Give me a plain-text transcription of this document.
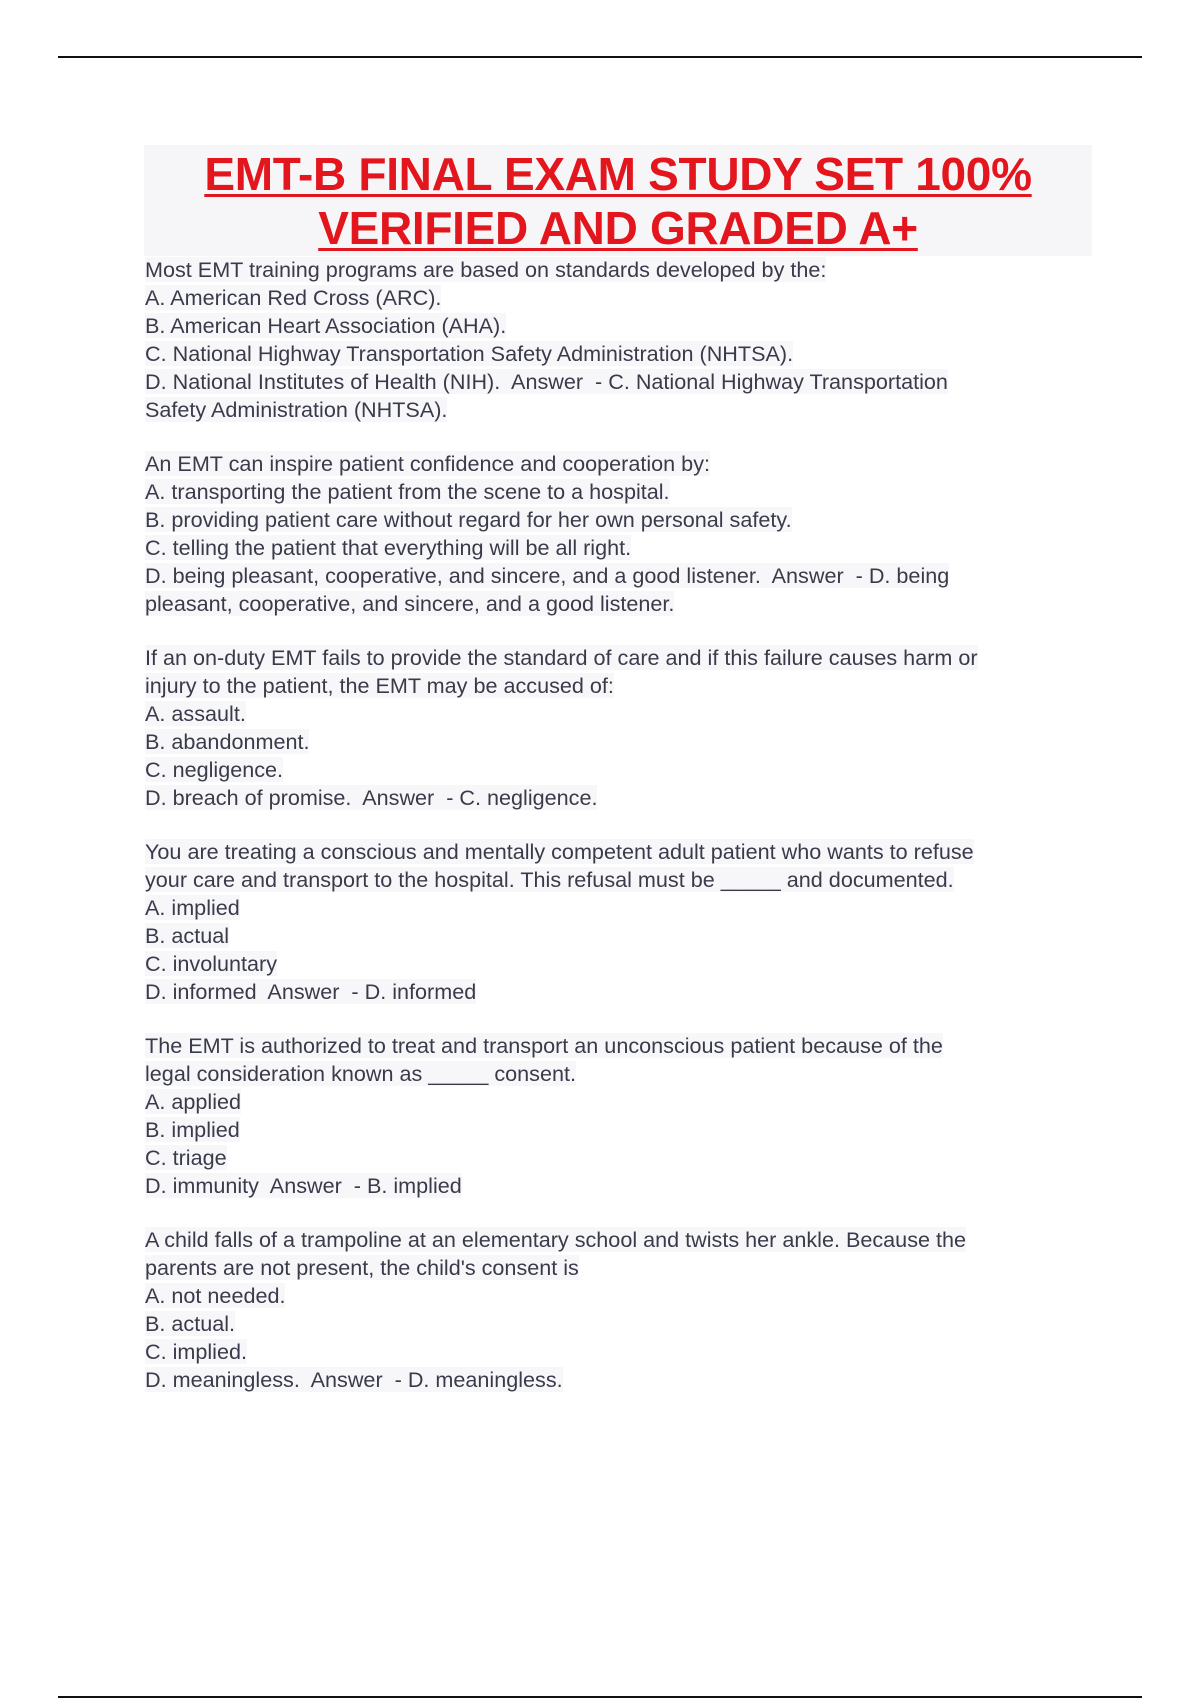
EMT-B FINAL EXAM STUDY SET 100%
VERIFIED AND GRADED A+
Most EMT training programs are based on standards developed by the:
A. American Red Cross (ARC).
B. American Heart Association (AHA).
C. National Highway Transportation Safety Administration (NHTSA).
D. National Institutes of Health (NIH).  Answer  - C. National Highway Transportation
Safety Administration (NHTSA).
An EMT can inspire patient confidence and cooperation by:
A. transporting the patient from the scene to a hospital.
B. providing patient care without regard for her own personal safety.
C. telling the patient that everything will be all right.
D. being pleasant, cooperative, and sincere, and a good listener.  Answer  - D. being
pleasant, cooperative, and sincere, and a good listener.
If an on-duty EMT fails to provide the standard of care and if this failure causes harm or
injury to the patient, the EMT may be accused of:
A. assault.
B. abandonment.
C. negligence.
D. breach of promise.  Answer  - C. negligence.
You are treating a conscious and mentally competent adult patient who wants to refuse
your care and transport to the hospital. This refusal must be _____ and documented.
A. implied
B. actual
C. involuntary
D. informed  Answer  - D. informed
The EMT is authorized to treat and transport an unconscious patient because of the
legal consideration known as _____ consent.
A. applied
B. implied
C. triage
D. immunity  Answer  - B. implied
A child falls of a trampoline at an elementary school and twists her ankle. Because the
parents are not present, the child's consent is
A. not needed.
B. actual.
C. implied.
D. meaningless.  Answer  - D. meaningless.
